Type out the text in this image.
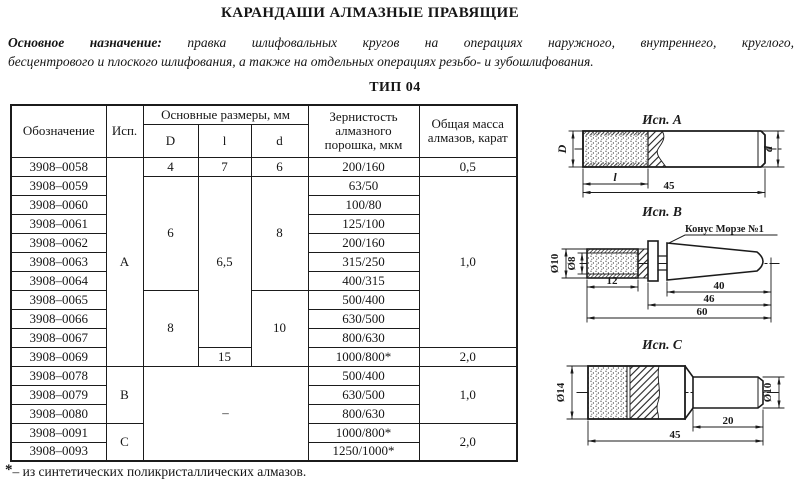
КАРАНДАШИ АЛМАЗНЫЕ ПРАВЯЩИЕ
Основное назначение: правка шлифовальных кругов на операциях наружного, внутреннего, круглого,
бесцентрового и плоского шлифования, а также на отдельных операциях резьбо- и зубошлифования.
ТИП 04
Обозначение	Исп.	Основные размеры, мм			Зернистость алмазного порошка, мкм	Общая масса алмазов, карат
		D	l	d		
3908–0058	A	4	7	6	200/160	0,5
3908–0059		6	6,5	8	63/50	1,0
3908–0060					100/80	
3908–0061					125/100	
3908–0062					200/160	
3908–0063					315/250	
3908–0064					400/315	
3908–0065		8		10	500/400	
3908–0066					630/500	
3908–0067					800/630	
3908–0069			15		1000/800*	2,0
3908–0078	B	–			500/400	1,0
3908–0079					630/500	
3908–0080					800/630	
3908–0091	C				1000/800*	2,0
3908–0093					1250/1000*	
*– из синтетических поликристаллических алмазов.
Исп. A
D	d
l
45
Исп. B
Конус Морзе №1
Ø10 Ø8
12	40
46
60
Исп. C
Ø14	Ø10
20
45
